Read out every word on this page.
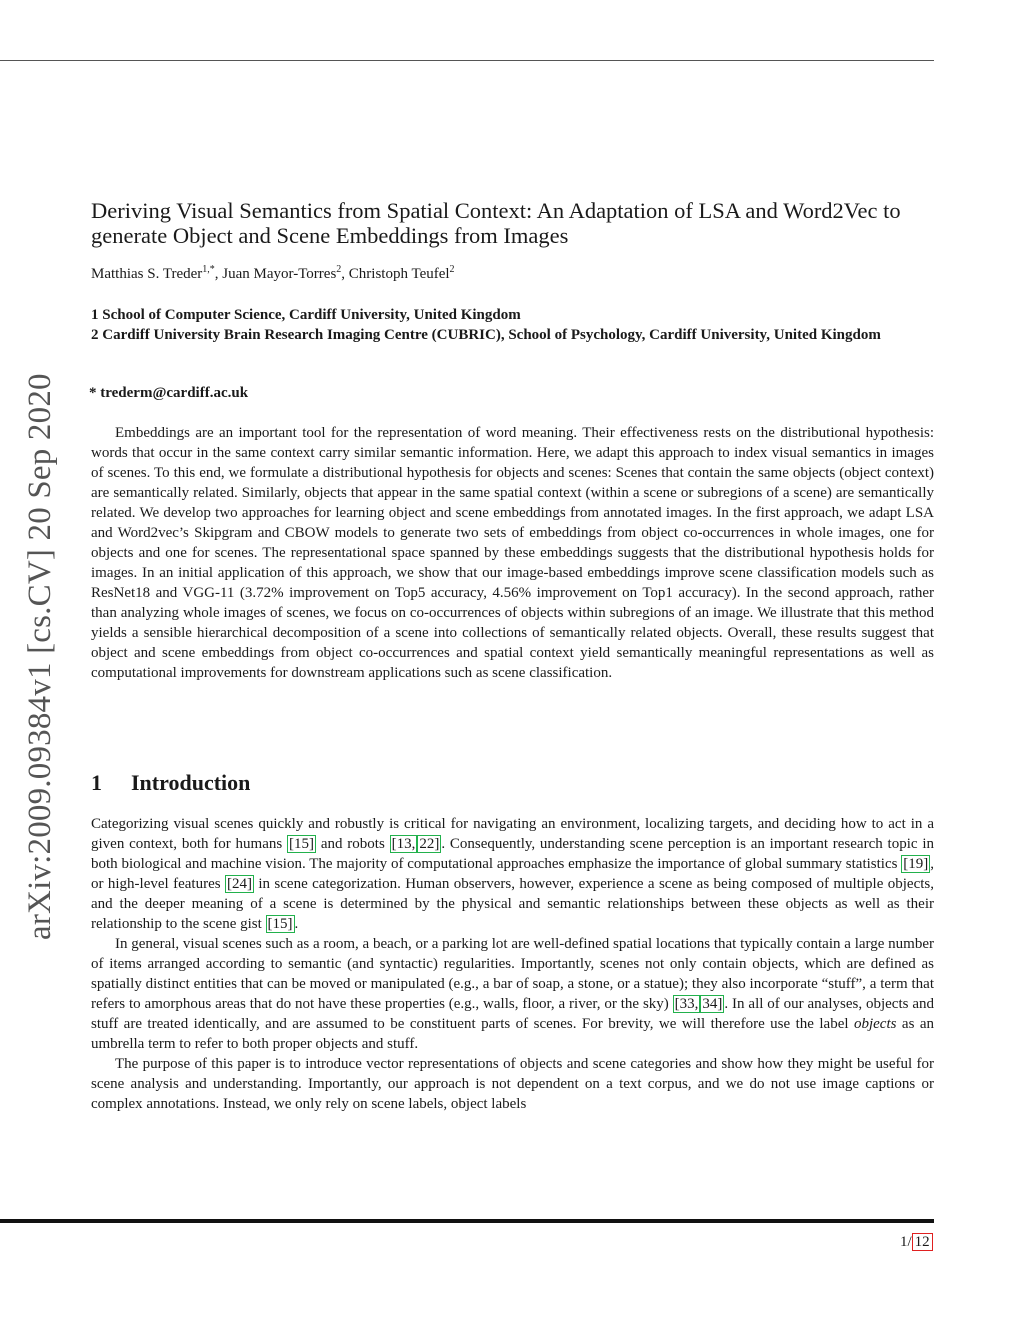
arXiv:2009.09384v1 [cs.CV] 20 Sep 2020
Deriving Visual Semantics from Spatial Context: An Adaptation of LSA and Word2Vec to generate Object and Scene Embeddings from Images
Matthias S. Treder$^{1,*}$, Juan Mayor-Torres$^2$, Christoph Teufel$^2$
1 School of Computer Science, Cardiff University, United Kingdom
2 Cardiff University Brain Research Imaging Centre (CUBRIC), School of Psychology, Cardiff University, United Kingdom
* trederm@cardiff.ac.uk

Embeddings are an important tool for the representation of word meaning. Their effectiveness rests on the distributional hypothesis: words that occur in the same context carry similar semantic information. Here, we adapt this approach to index visual semantics in images of scenes. To this end, we formulate a distributional hypothesis for objects and scenes: Scenes that contain the same objects (object context) are semantically related. Similarly, objects that appear in the same spatial context (within a scene or subregions of a scene) are semantically related. We develop two approaches for learning object and scene embeddings from annotated images. In the first approach, we adapt LSA and Word2vec’s Skipgram and CBOW models to generate two sets of embeddings from object co-occurrences in whole images, one for objects and one for scenes. The representational space spanned by these embeddings suggests that the distributional hypothesis holds for images. In an initial application of this approach, we show that our image-based embeddings improve scene classification models such as ResNet18 and VGG-11 (3.72% improvement on Top5 accuracy, 4.56% improvement on Top1 accuracy). In the second approach, rather than analyzing whole images of scenes, we focus on co-occurrences of objects within subregions of an image. We illustrate that this method yields a sensible hierarchical decomposition of a scene into collections of semantically related objects. Overall, these results suggest that object and scene embeddings from object co-occurrences and spatial context yield semantically meaningful representations as well as computational improvements for downstream applications such as scene classification.

1 Introduction

Categorizing visual scenes quickly and robustly is critical for navigating an environment, localizing targets, and deciding how to act in a given context, both for humans [15] and robots [13, 22] . Consequently, understanding scene perception is an important research topic in both biological and machine vision. The majority of computational approaches emphasize the importance of global summary statistics [19] , or high-level features [24] in scene categorization. Human observers, however, experience a scene as being composed of multiple objects, and the deeper meaning of a scene is determined by the physical and semantic relationships between these objects as well as their relationship to the scene gist [15] .

In general, visual scenes such as a room, a beach, or a parking lot are well-defined spatial locations that typically contain a large number of items arranged according to semantic (and syntactic) regularities. Importantly, scenes not only contain objects, which are defined as spatially distinct entities that can be moved or manipulated (e.g., a bar of soap, a stone, or a statue); they also incorporate “stuff”, a term that refers to amorphous areas that do not have these properties (e.g., walls, floor, a river, or the sky) [33, 34] . In all of our analyses, objects and stuff are treated identically, and are assumed to be constituent parts of scenes. For brevity, we will therefore use the label objects as an umbrella term to refer to both proper objects and stuff.

The purpose of this paper is to introduce vector representations of objects and scene categories and show how they might be useful for scene analysis and understanding. Importantly, our approach is not dependent on a text corpus, and we do not use image captions or complex annotations. Instead, we only rely on scene labels, object labels

1/ 12
